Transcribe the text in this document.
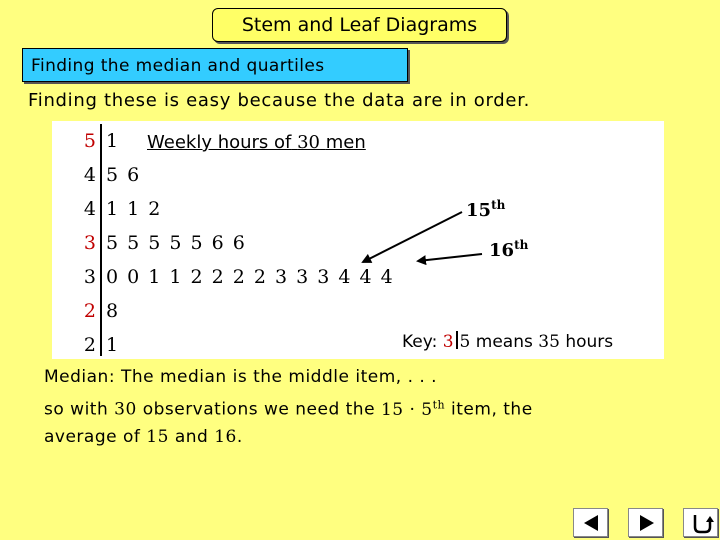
Stem and Leaf Diagrams
Finding the median and quartiles
Finding these is easy because the data are in order.
Weekly hours of 30 men
5 1
4 5 6
4 1 1 2
3 5 5 5 5 5 6 6
3 0 0 1 1 2 2 2 2 3 3 3 4 4 4
2 8
2 1
15th
16th
Key: 3 5 means 35 hours
Median: The median is the middle item, . . .
so with 30 observations we need the 15 · 5th item, the
average of 15 and 16.
